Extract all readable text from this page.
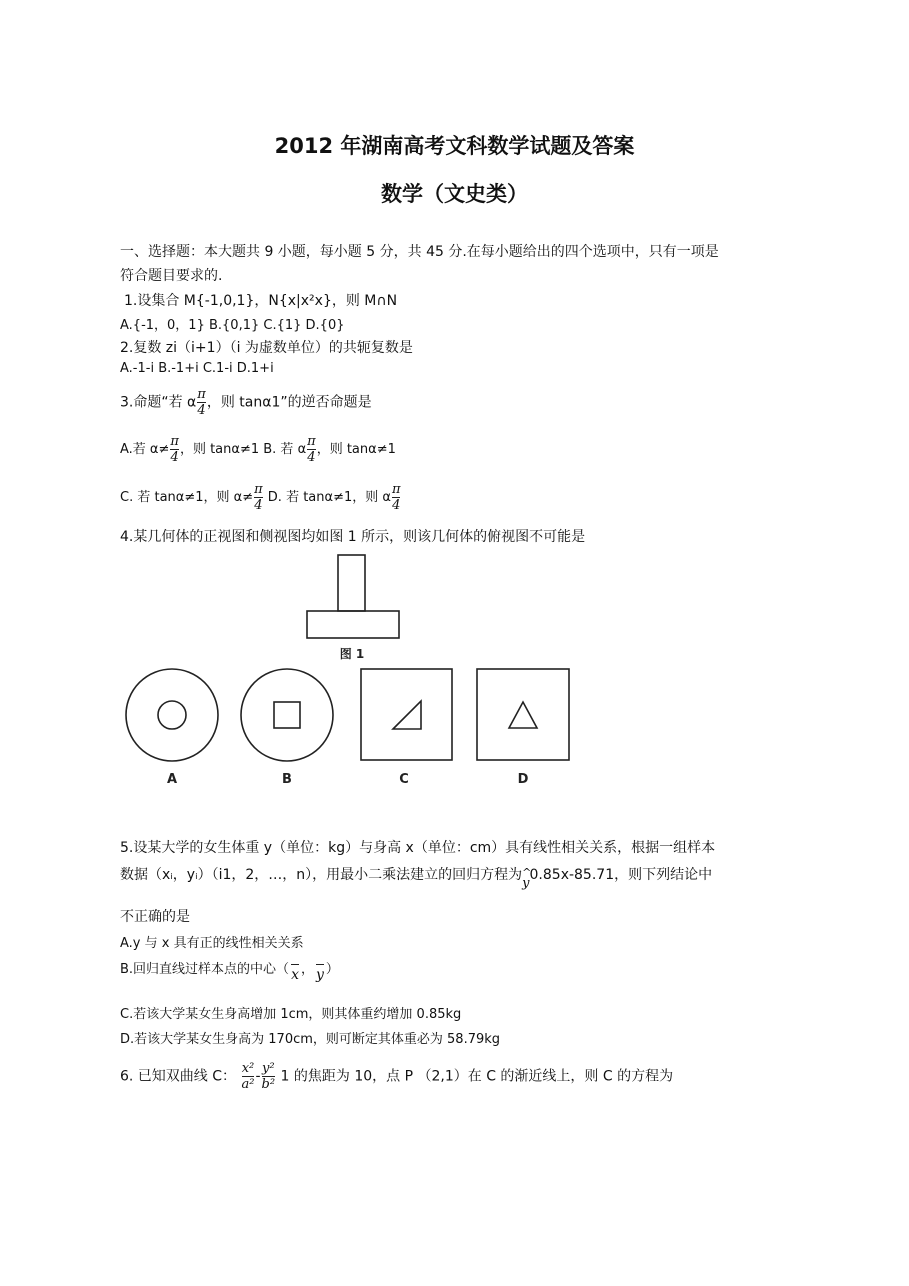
2012 年湖南高考文科数学试题及答案
数学（文史类）
一、选择题：本大题共 9 小题，每小题 5 分，共 45 分.在每小题给出的四个选项中，只有一项是
符合题目要求的.
1.设集合 M{-1,0,1}，N{x|x²x}，则 M∩N
A.{-1，0，1} B.{0,1} C.{1} D.{0}
2.复数 zi（i+1）（i 为虚数单位）的共轭复数是
A.-1-i B.-1+i C.1-i D.1+i
3.命题“若 α $\frac{\pi}{4}$ ，则 tanα1”的逆否命题是
A.若 $\alpha\ne \frac{\pi}{4}$ ，则 tanα≠1 B. 若 α $\frac{\pi}{4}$ ，则 tanα≠1
C. 若 tanα≠1，则 $\alpha\ne \frac{\pi}{4} D$. 若 tanα≠1，则 α $\frac{\pi}{4}$
4.某几何体的正视图和侧视图均如图 1 所示，则该几何体的俯视图不可能是
图 1
A	B	C	D
5.设某大学的女生体重 y（单位：kg）与身高 x（单位：cm）具有线性相关关系，根据一组样本
数据（xᵢ，yᵢ）（i1，2，…，n），用最小二乘法建立的回归方程为^ y0.85x-85.71，则下列结论中
不正确的是
A.y 与 x 具有正的线性相关关系
B.回归直线过样本点的中心（ x ， y ）
C.若该大学某女生身高增加 1cm，则其体重约增加 0.85kg
D.若该大学某女生身高为 170cm，则可断定其体重必为 58.79kg
6. 已知双曲线 C： $\frac{\text{x²}}{\text{a²}} - \frac{\text{y²}}{\text{b²}} 1$ 的焦距为 10，点 P （2,1）在 C 的渐近线上，则 C 的方程为
